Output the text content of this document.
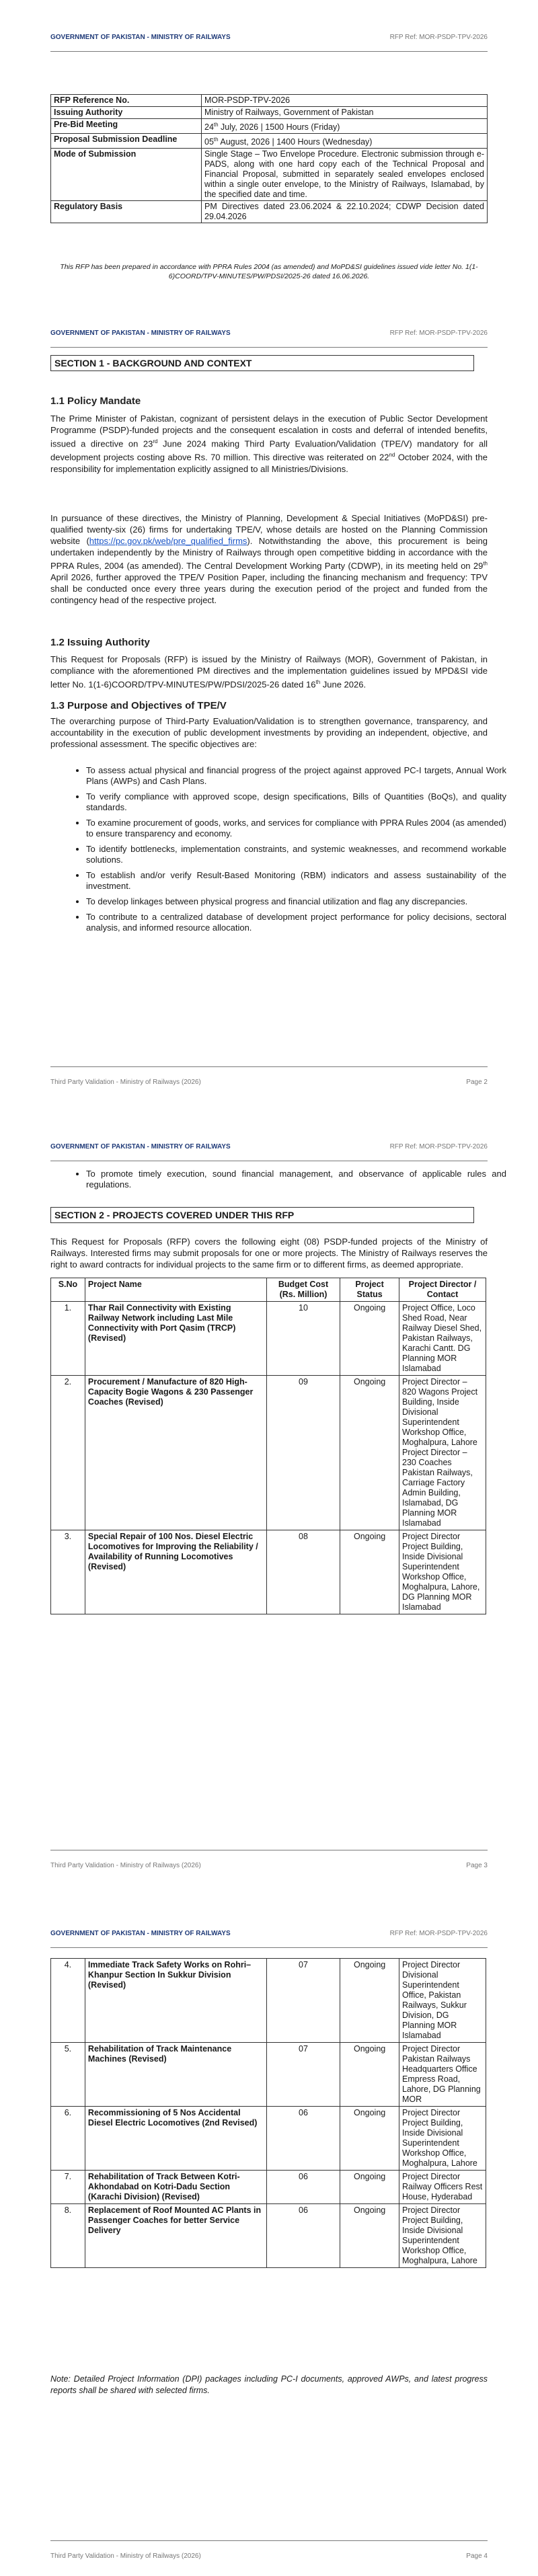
GOVERNMENT OF PAKISTAN - MINISTRY OF RAILWAYS	RFP Ref: MOR-PSDP-TPV-2026
RFP Reference No.	MOR-PSDP-TPV-2026
Issuing Authority	Ministry of Railways, Government of Pakistan
Pre-Bid Meeting	24th July, 2026 | 1500 Hours (Friday)
Proposal Submission Deadline	05th August, 2026 | 1400 Hours (Wednesday)
Mode of Submission	Single Stage – Two Envelope Procedure. Electronic submission through e-PADS, along with one hard copy each of the Technical Proposal and Financial Proposal, submitted in separately sealed envelopes enclosed within a single outer envelope, to the Ministry of Railways, Islamabad, by the specified date and time.
Regulatory Basis	PM Directives dated 23.06.2024 & 22.10.2024; CDWP Decision dated 29.04.2026
This RFP has been prepared in accordance with PPRA Rules 2004 (as amended) and MoPD&SI guidelines issued vide letter No. 1(1-6)COORD/TPV-MINUTES/PW/PDSI/2025-26 dated 16.06.2026.
GOVERNMENT OF PAKISTAN - MINISTRY OF RAILWAYS	RFP Ref: MOR-PSDP-TPV-2026
SECTION 1 - BACKGROUND AND CONTEXT
1.1 Policy Mandate
The Prime Minister of Pakistan, cognizant of persistent delays in the execution of Public Sector Development Programme (PSDP)-funded projects and the consequent escalation in costs and deferral of intended benefits, issued a directive on 23rd June 2024 making Third Party Evaluation/Validation (TPE/V) mandatory for all development projects costing above Rs. 70 million. This directive was reiterated on 22nd October 2024, with the responsibility for implementation explicitly assigned to all Ministries/Divisions.
In pursuance of these directives, the Ministry of Planning, Development & Special Initiatives (MoPD&SI) pre-qualified twenty-six (26) firms for undertaking TPE/V, whose details are hosted on the Planning Commission website (https://pc.gov.pk/web/pre_qualified_firms). Notwithstanding the above, this procurement is being undertaken independently by the Ministry of Railways through open competitive bidding in accordance with the PPRA Rules, 2004 (as amended). The Central Development Working Party (CDWP), in its meeting held on 29th April 2026, further approved the TPE/V Position Paper, including the financing mechanism and frequency: TPV shall be conducted once every three years during the execution period of the project and funded from the contingency head of the respective project.
1.2 Issuing Authority
This Request for Proposals (RFP) is issued by the Ministry of Railways (MOR), Government of Pakistan, in compliance with the aforementioned PM directives and the implementation guidelines issued by MPD&SI vide letter No. 1(1-6)COORD/TPV-MINUTES/PW/PDSI/2025-26 dated 16th June 2026.
1.3 Purpose and Objectives of TPE/V
The overarching purpose of Third-Party Evaluation/Validation is to strengthen governance, transparency, and accountability in the execution of public development investments by providing an independent, objective, and professional assessment. The specific objectives are:
• To assess actual physical and financial progress of the project against approved PC-I targets, Annual Work Plans (AWPs) and Cash Plans.
• To verify compliance with approved scope, design specifications, Bills of Quantities (BoQs), and quality standards.
• To examine procurement of goods, works, and services for compliance with PPRA Rules 2004 (as amended) to ensure transparency and economy.
• To identify bottlenecks, implementation constraints, and systemic weaknesses, and recommend workable solutions.
• To establish and/or verify Result-Based Monitoring (RBM) indicators and assess sustainability of the investment.
• To develop linkages between physical progress and financial utilization and flag any discrepancies.
• To contribute to a centralized database of development project performance for policy decisions, sectoral analysis, and informed resource allocation.
Third Party Validation - Ministry of Railways (2026)	Page 2
GOVERNMENT OF PAKISTAN - MINISTRY OF RAILWAYS	RFP Ref: MOR-PSDP-TPV-2026
• To promote timely execution, sound financial management, and observance of applicable rules and regulations.
SECTION 2 - PROJECTS COVERED UNDER THIS RFP
This Request for Proposals (RFP) covers the following eight (08) PSDP-funded projects of the Ministry of Railways. Interested firms may submit proposals for one or more projects. The Ministry of Railways reserves the right to award contracts for individual projects to the same firm or to different firms, as deemed appropriate.
S.No	Project Name	Budget Cost (Rs. Million)	Project Status	Project Director / Contact
1.	Thar Rail Connectivity with Existing Railway Network including Last Mile Connectivity with Port Qasim (TRCP) (Revised)	10	Ongoing	Project Office, Loco Shed Road, Near Railway Diesel Shed, Pakistan Railways, Karachi Cantt. DG Planning MOR Islamabad
2.	Procurement / Manufacture of 820 High-Capacity Bogie Wagons & 230 Passenger Coaches (Revised)	09	Ongoing	Project Director – 820 Wagons Project Building, Inside Divisional Superintendent Workshop Office, Moghalpura, Lahore Project Director – 230 Coaches Pakistan Railways, Carriage Factory Admin Building, Islamabad, DG Planning MOR Islamabad
3.	Special Repair of 100 Nos. Diesel Electric Locomotives for Improving the Reliability / Availability of Running Locomotives (Revised)	08	Ongoing	Project Director Project Building, Inside Divisional Superintendent Workshop Office, Moghalpura, Lahore, DG Planning MOR Islamabad
Third Party Validation - Ministry of Railways (2026)	Page 3
GOVERNMENT OF PAKISTAN - MINISTRY OF RAILWAYS	RFP Ref: MOR-PSDP-TPV-2026
4.	Immediate Track Safety Works on Rohri–Khanpur Section In Sukkur Division (Revised)	07	Ongoing	Project Director Divisional Superintendent Office, Pakistan Railways, Sukkur Division, DG Planning MOR Islamabad
5.	Rehabilitation of Track Maintenance Machines (Revised)	07	Ongoing	Project Director Pakistan Railways Headquarters Office Empress Road, Lahore, DG Planning MOR
6.	Recommissioning of 5 Nos Accidental Diesel Electric Locomotives (2nd Revised)	06	Ongoing	Project Director Project Building, Inside Divisional Superintendent Workshop Office, Moghalpura, Lahore
7.	Rehabilitation of Track Between Kotri-Akhondabad on Kotri-Dadu Section (Karachi Division) (Revised)	06	Ongoing	Project Director Railway Officers Rest House, Hyderabad
8.	Replacement of Roof Mounted AC Plants in Passenger Coaches for better Service Delivery	06	Ongoing	Project Director Project Building, Inside Divisional Superintendent Workshop Office, Moghalpura, Lahore
Note: Detailed Project Information (DPI) packages including PC-I documents, approved AWPs, and latest progress reports shall be shared with selected firms.
Third Party Validation - Ministry of Railways (2026)	Page 4
